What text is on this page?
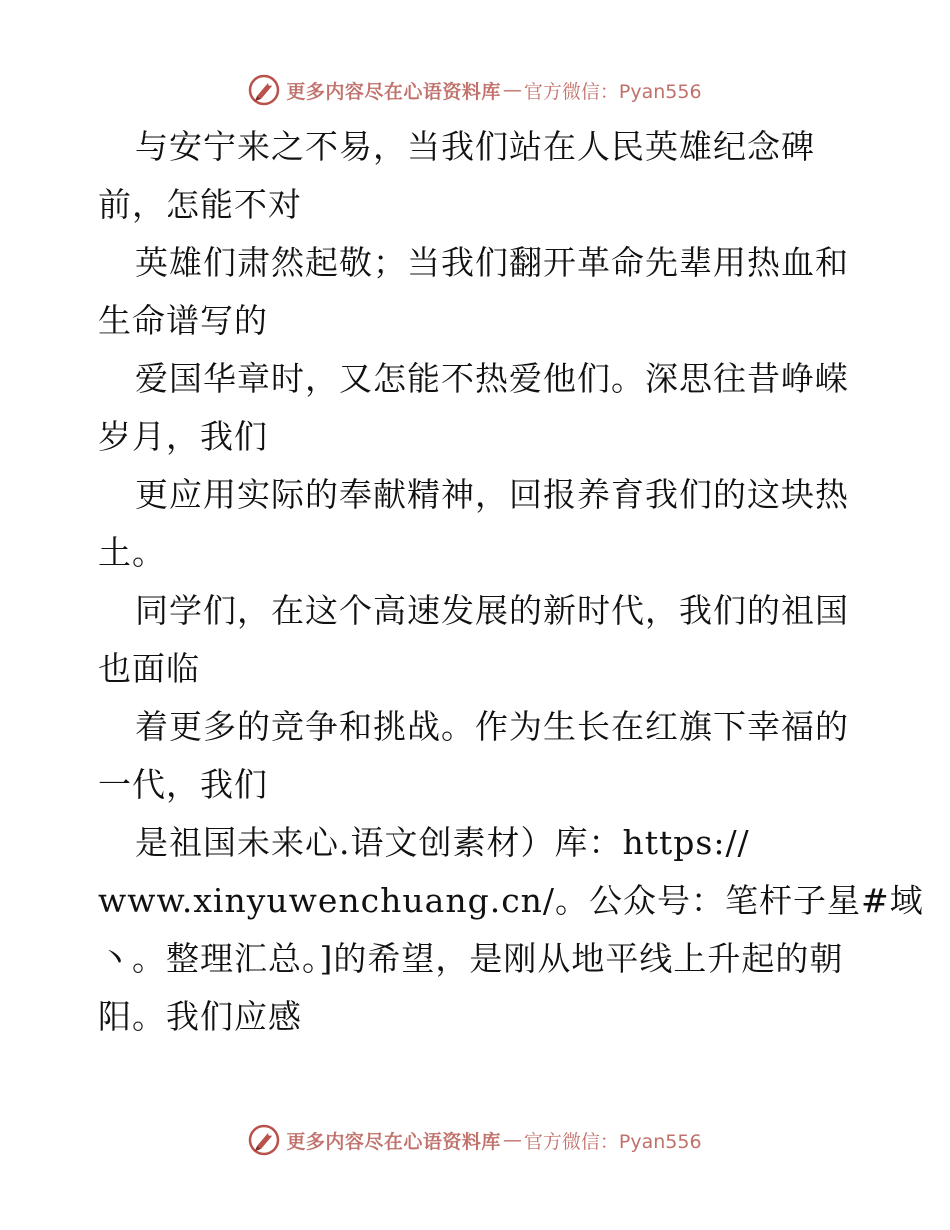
更多内容尽在心语资料库 — 官方微信：Pyan556
与安宁来之不易，当我们站在人民英雄纪念碑
前，怎能不对
英雄们肃然起敬；当我们翻开革命先辈用热血和
生命谱写的
爱国华章时，又怎能不热爱他们。深思往昔峥嵘
岁月，我们
更应用实际的奉献精神，回报养育我们的这块热
土。
同学们，在这个高速发展的新时代，我们的祖国
也面临
着更多的竞争和挑战。作为生长在红旗下幸福的
一代，我们
是祖国未来心.语文创素材）库：https://
www.xinyuwenchuang.cn/。公众号：笔杆子星#域
丶。整理汇总。]的希望，是刚从地平线上升起的朝
阳。我们应感
更多内容尽在心语资料库 — 官方微信：Pyan556
